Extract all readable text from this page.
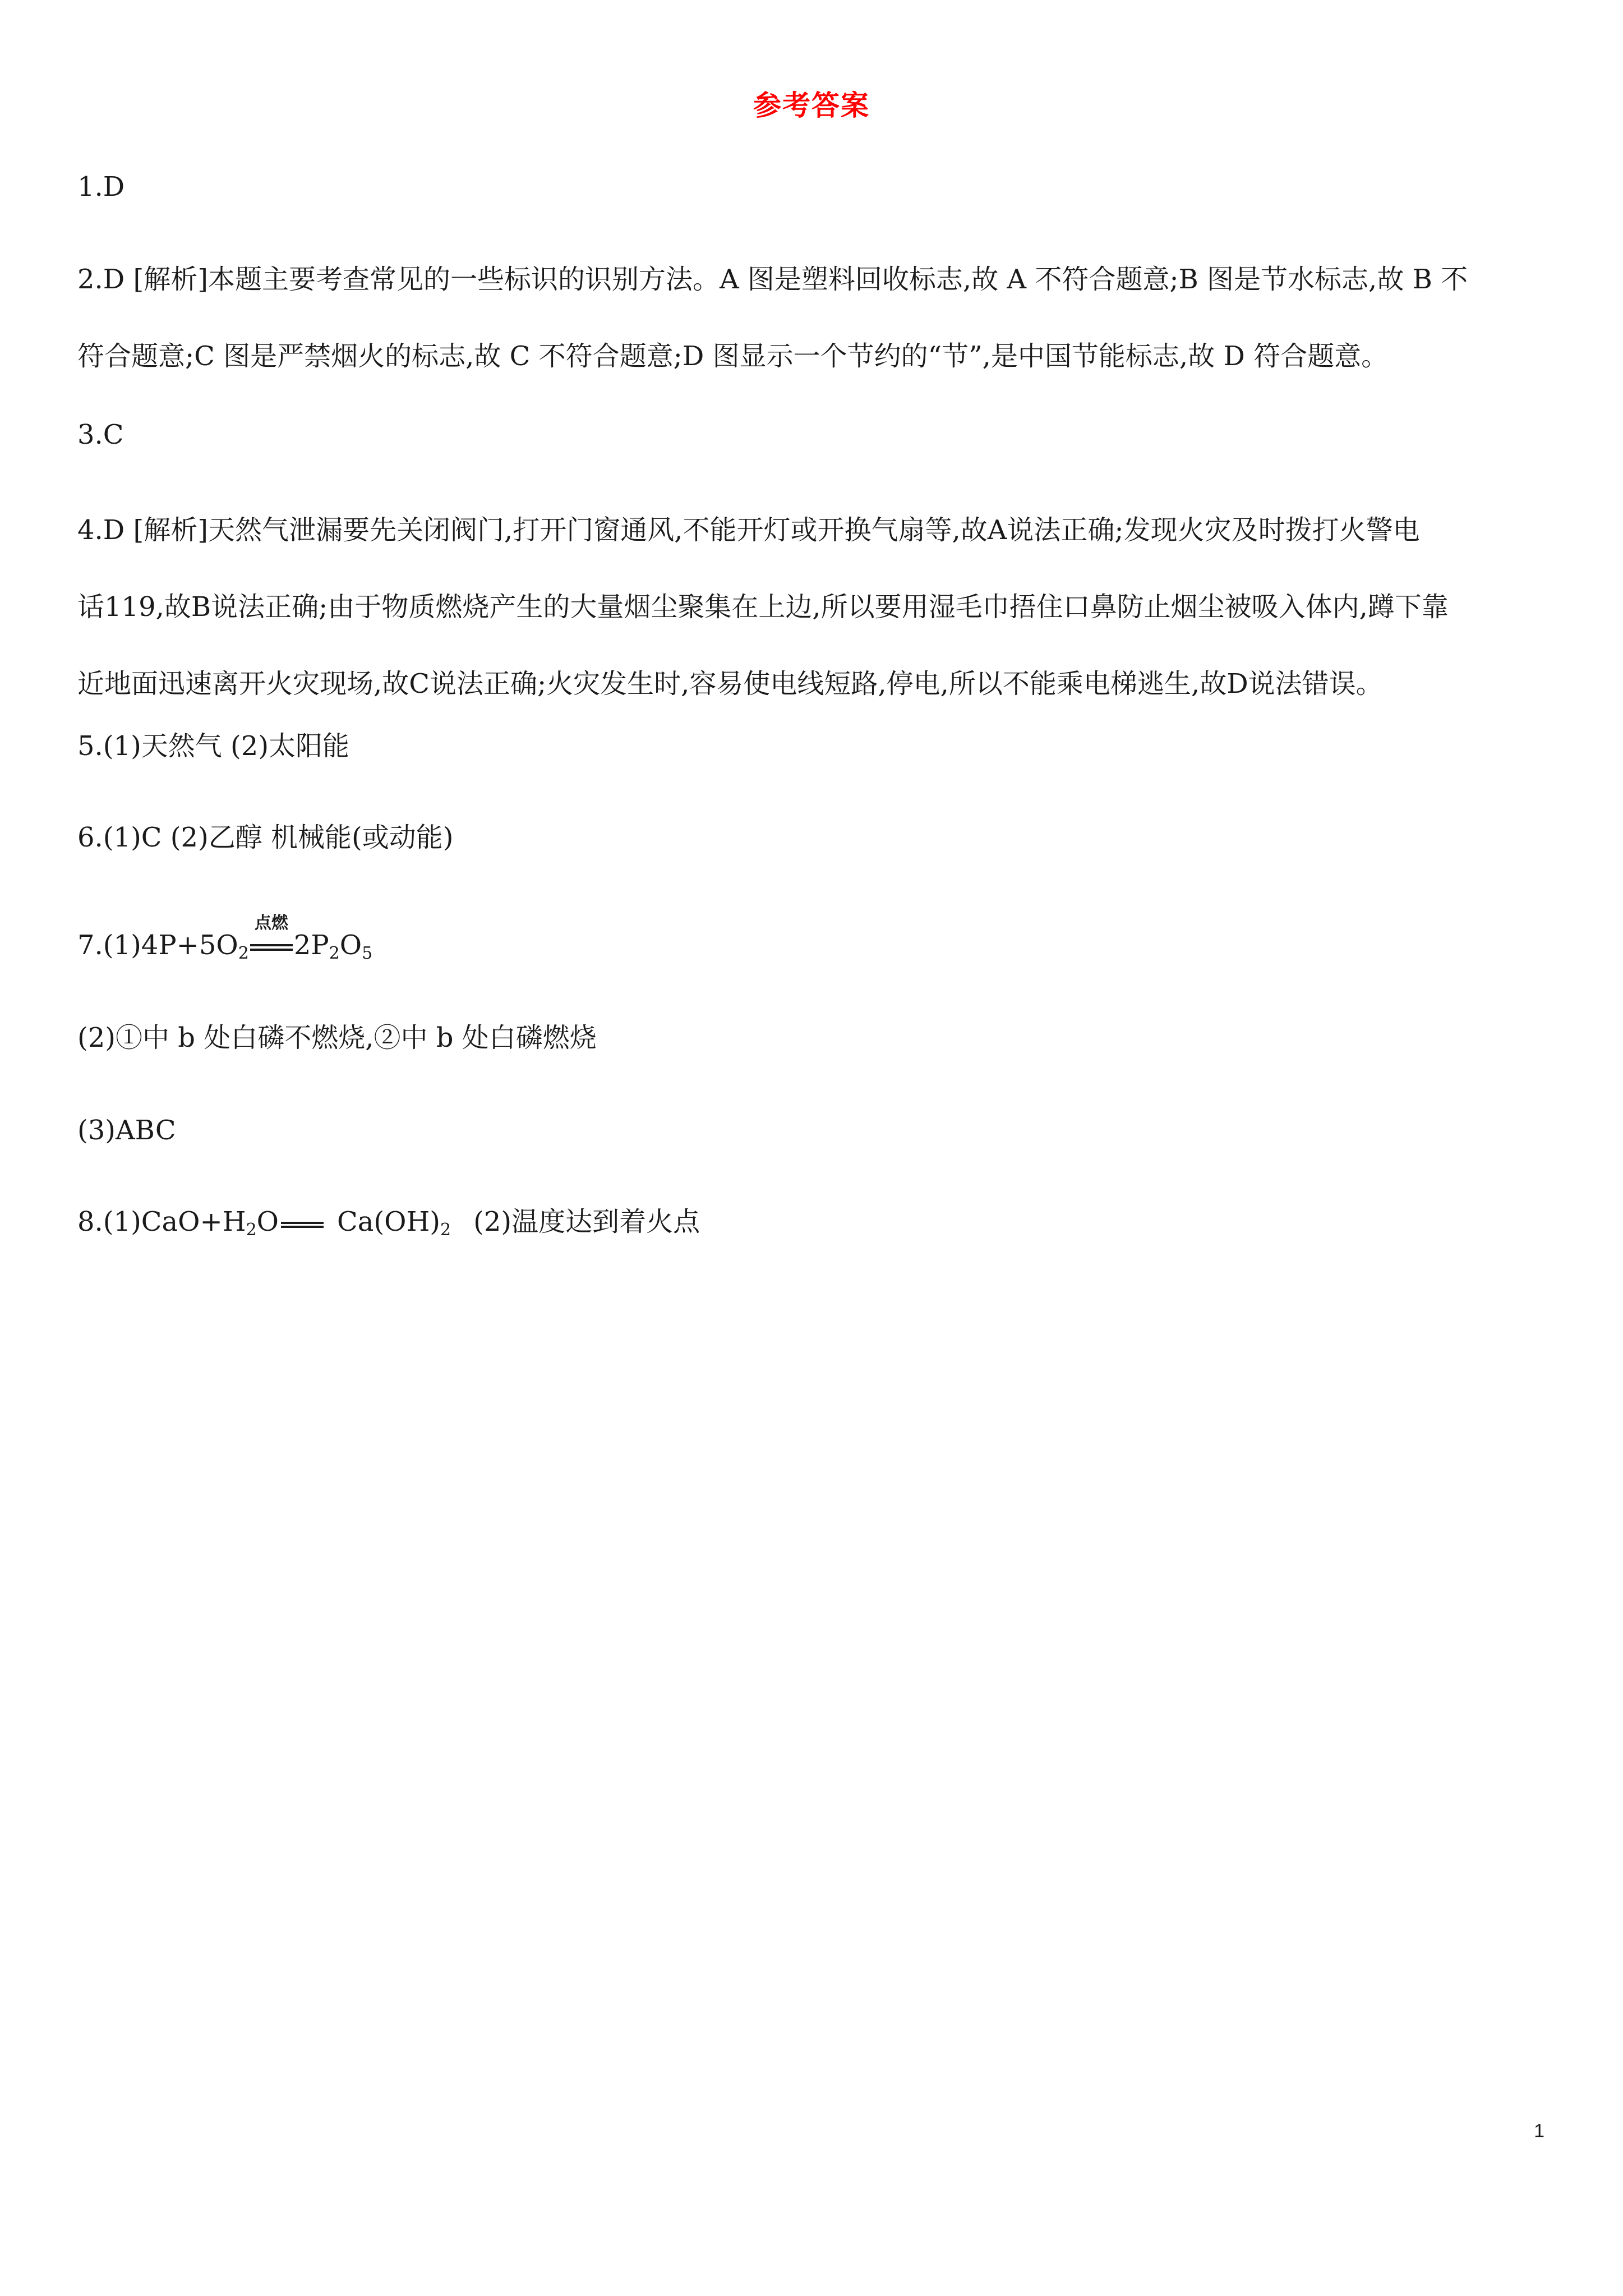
参考答案
1.D
2.D [解析]本题主要考查常见的一些标识的识别方法。A 图是塑料回收标志,故 A 不符合题意;B 图是节水标志,故 B 不
符合题意;C 图是严禁烟火的标志,故 C 不符合题意;D 图显示一个节约的“节”,是中国节能标志,故 D 符合题意。
3.C
4.D [解析]天然气泄漏要先关闭阀门,打开门窗通风,不能开灯或开换气扇等,故A说法正确;发现火灾及时拨打火警电
话119,故B说法正确;由于物质燃烧产生的大量烟尘聚集在上边,所以要用湿毛巾捂住口鼻防止烟尘被吸入体内,蹲下靠
近地面迅速离开火灾现场,故C说法正确;火灾发生时,容易使电线短路,停电,所以不能乘电梯逃生,故D说法错误。
5.(1)天然气 (2)太阳能
6.(1)C (2)乙醇 机械能(或动能)
$7.(1)4P+5O_2$
点燃
$2P_2O_5$
(2)①中 b 处白磷不燃烧,②中 b 处白磷燃烧
(3)ABC
$8.(1)CaO+H_2O$ $Ca(OH)_2$ (2)温度达到着火点
1
